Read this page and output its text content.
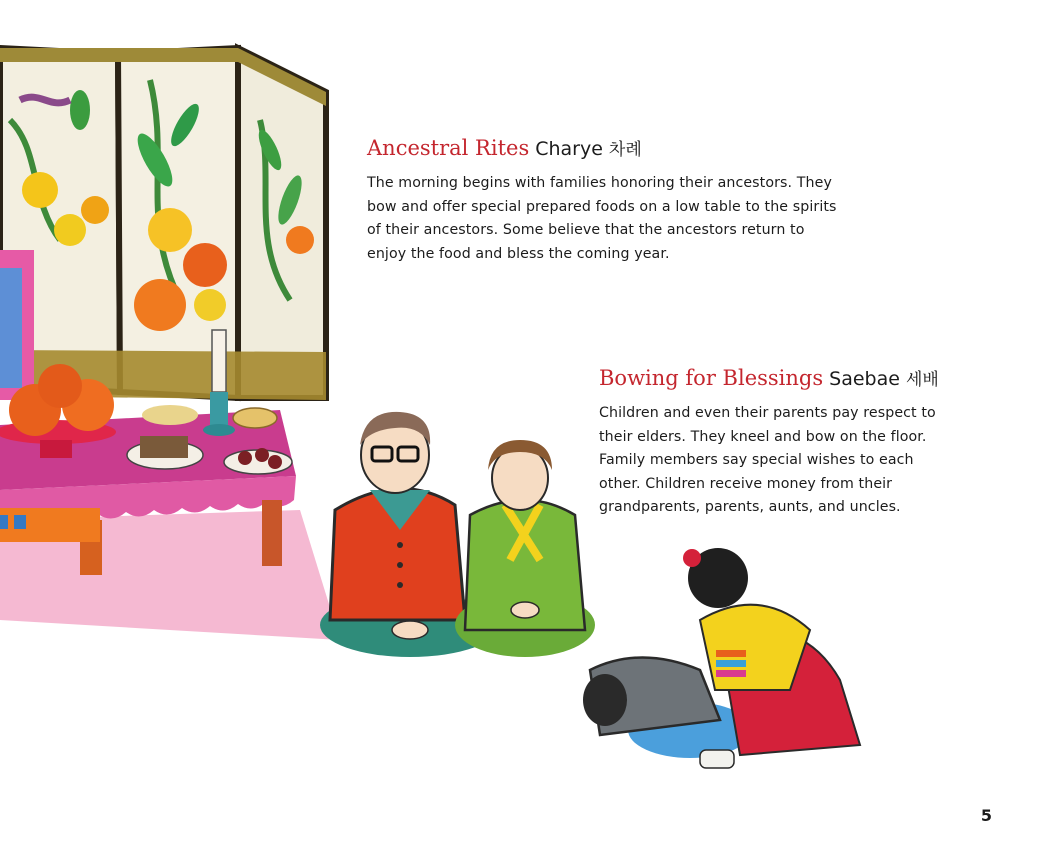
Ancestral Rites Charye 차례

The morning begins with families honoring their ancestors. They bow and offer special prepared foods on a low table to the spirits of their ancestors. Some believe that the ancestors return to enjoy the food and bless the coming year.

Bowing for Blessings Saebae 세배

Children and even their parents pay respect to their elders. They kneel and bow on the floor. Family members say special wishes to each other. Children receive money from their grandparents, parents, aunts, and uncles.

5
